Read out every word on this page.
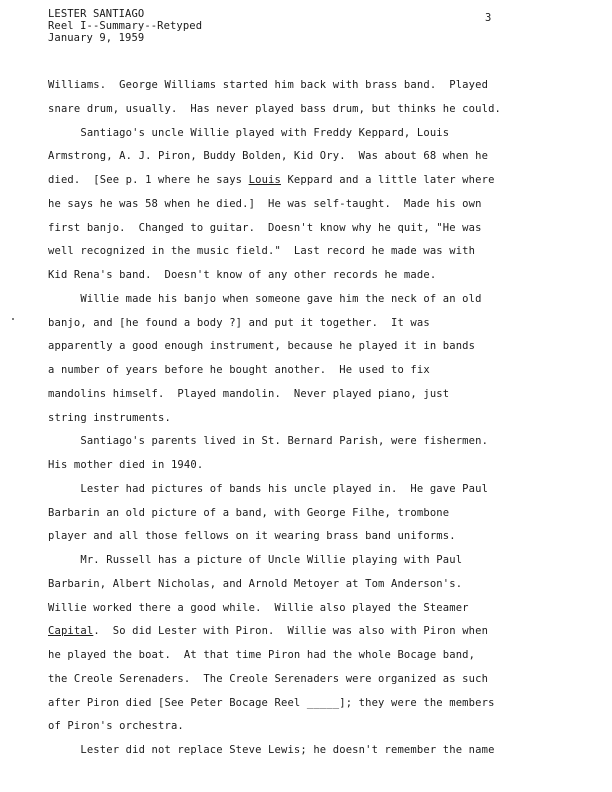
LESTER SANTIAGO
Reel I--Summary--Retyped
January 9, 1959
3
Williams.  George Williams started him back with brass band.  Played
snare drum, usually.  Has never played bass drum, but thinks he could.
Santiago's uncle Willie played with Freddy Keppard, Louis
Armstrong, A. J. Piron, Buddy Bolden, Kid Ory.  Was about 68 when he
died.  [See p. 1 where he says Louis Keppard and a little later where
he says he was 58 when he died.]  He was self-taught.  Made his own
first banjo.  Changed to guitar.  Doesn't know why he quit, "He was
well recognized in the music field."  Last record he made was with
Kid Rena's band.  Doesn't know of any other records he made.
Willie made his banjo when someone gave him the neck of an old
banjo, and [he found a body ?] and put it together.  It was
apparently a good enough instrument, because he played it in bands
a number of years before he bought another.  He used to fix
mandolins himself.  Played mandolin.  Never played piano, just
string instruments.
Santiago's parents lived in St. Bernard Parish, were fishermen.
His mother died in 1940.
Lester had pictures of bands his uncle played in.  He gave Paul
Barbarin an old picture of a band, with George Filhe, trombone
player and all those fellows on it wearing brass band uniforms.
Mr. Russell has a picture of Uncle Willie playing with Paul
Barbarin, Albert Nicholas, and Arnold Metoyer at Tom Anderson's.
Willie worked there a good while.  Willie also played the Steamer
Capital.  So did Lester with Piron.  Willie was also with Piron when
he played the boat.  At that time Piron had the whole Bocage band,
the Creole Serenaders.  The Creole Serenaders were organized as such
after Piron died [See Peter Bocage Reel _____]; they were the members
of Piron's orchestra.
Lester did not replace Steve Lewis; he doesn't remember the name
